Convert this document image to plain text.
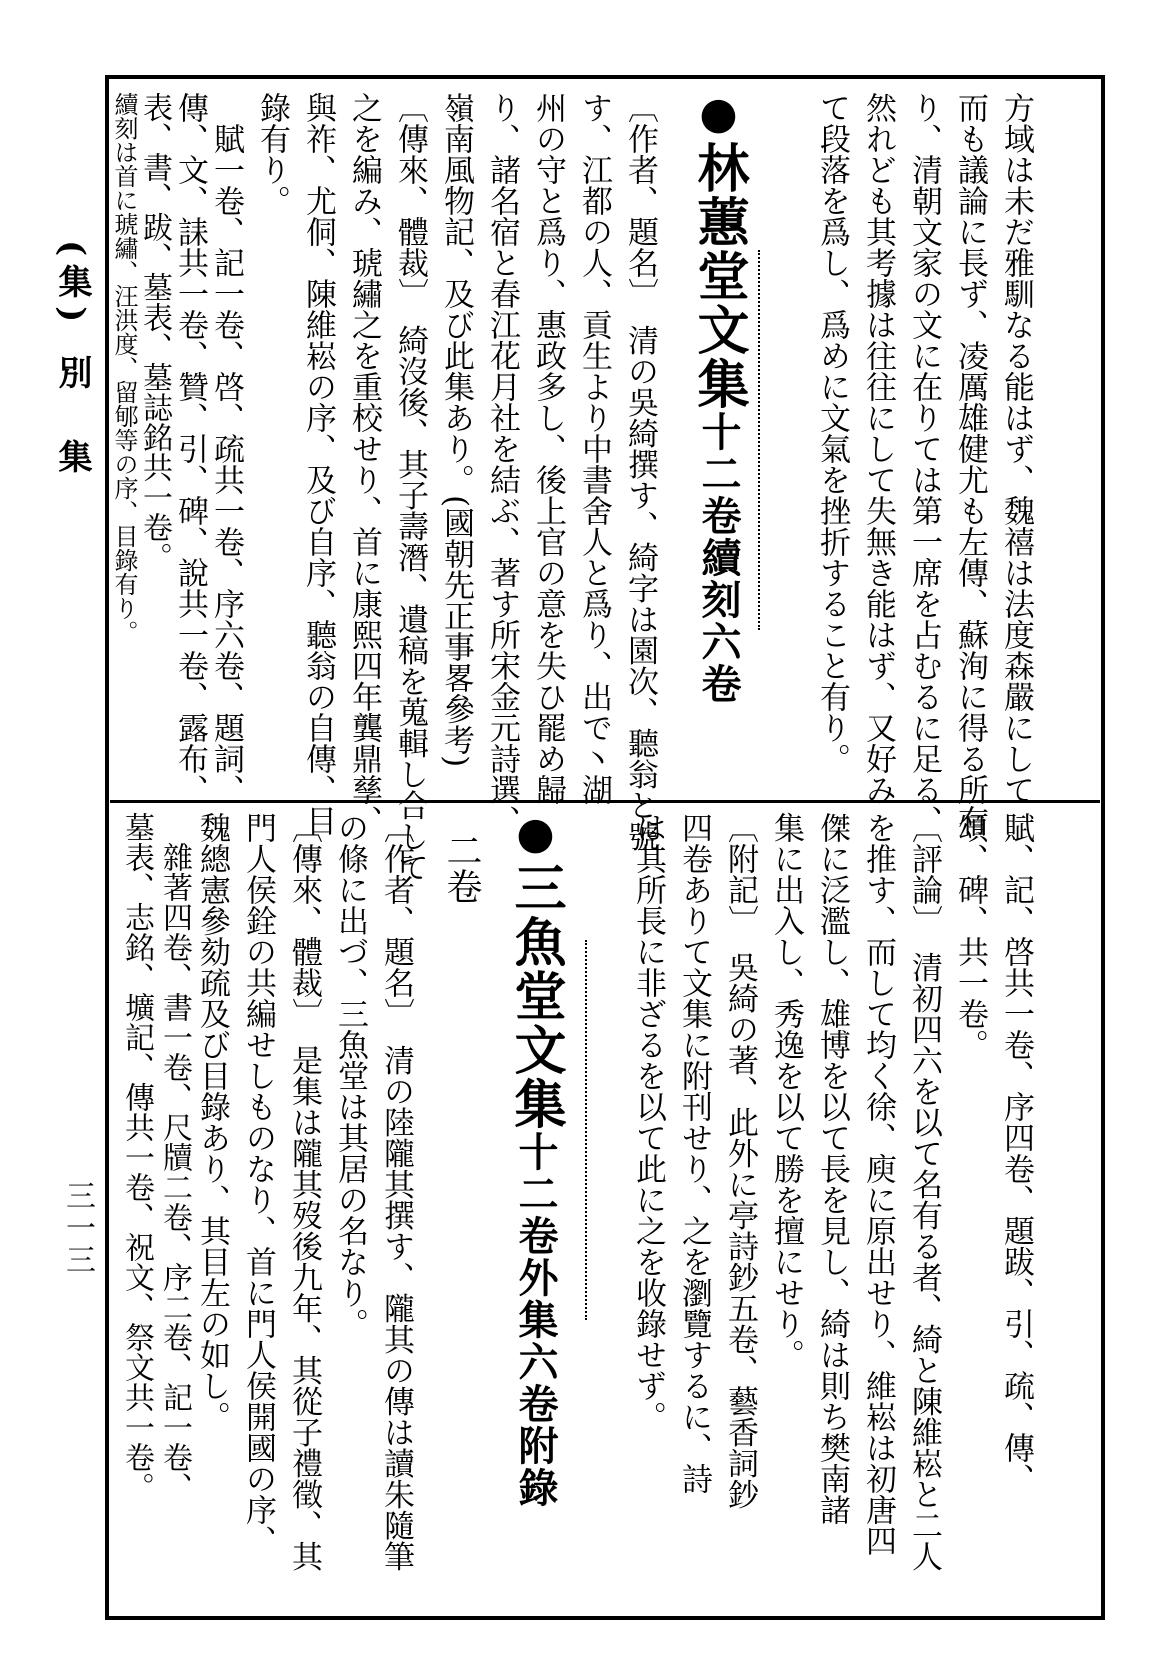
方域は未だ雅馴なる能はず、魏禧は法度森嚴にして
而も議論に長ず、凌厲雄健尤も左傳、蘇洵に得る所有
り、清朝文家の文に在りては第一席を占むるに足る、
然れども其考據は往往にして失無き能はず、又好み
て段落を爲し、爲めに文氣を挫折すること有り。
●林蕙堂文集十二卷續刻六卷
〔作者、題名〕　清の吳綺撰す、綺字は園次、聽翁と號
す、江都の人、貢生より中書舍人と爲り、出で丶湖
州の守と爲り、惠政多し、後上官の意を失ひ罷め歸
り、諸名宿と春江花月社を結ぶ、著す所宋金元詩選、
嶺南風物記、及び此集あり。(國朝先正事畧參考)
〔傳來、體裁〕　綺沒後、其子壽潛、遺稿を蒐輯し合して
之を編み、琥繡之を重校せり、首に康熙四年龔鼎孳、
與祚、尤侗、陳維崧の序、及び自序、聽翁の自傳、目
錄有り。
　賦一卷、記一卷、啓、疏共一卷、序六卷、題詞、
傳、文、誄共一卷、贊、引、碑、說共一卷、露布、
表、書、跋、墓表、墓誌銘共一卷。
續刻は首に琥繡、汪洪度、留郇等の序、目錄有り。
賦、記、啓共一卷、序四卷、題跋、引、疏、傳、
頌、碑、共一卷。
〔評論〕　清初四六を以て名有る者、綺と陳維崧と二人
を推す、而して均く徐、庾に原出せり、維崧は初唐四
傑に泛濫し、雄博を以て長を見し、綺は則ち樊南諸
集に出入し、秀逸を以て勝を擅にせり。
〔附記〕　吳綺の著、此外に亭詩鈔五卷、藝香詞鈔
四卷ありて文集に附刊せり、之を瀏覽するに、詩
は其所長に非ざるを以て此に之を收錄せず。
●三魚堂文集十二卷外集六卷附錄
二卷
〔作者、題名〕　清の陸隴其撰す、隴其の傳は讀朱隨筆
の條に出づ、三魚堂は其居の名なり。
〔傳來、體裁〕　是集は隴其歿後九年、其從子禮徵、其
門人侯銓の共編せしものなり、首に門人侯開國の序、
魏總憲參劾疏及び目錄あり、其目左の如し。
　雜著四卷、書一卷、尺牘二卷、序二卷、記一卷、
墓表、志銘、壙記、傳共一卷、祝文、祭文共一卷。
(集)
別　集
三一三
